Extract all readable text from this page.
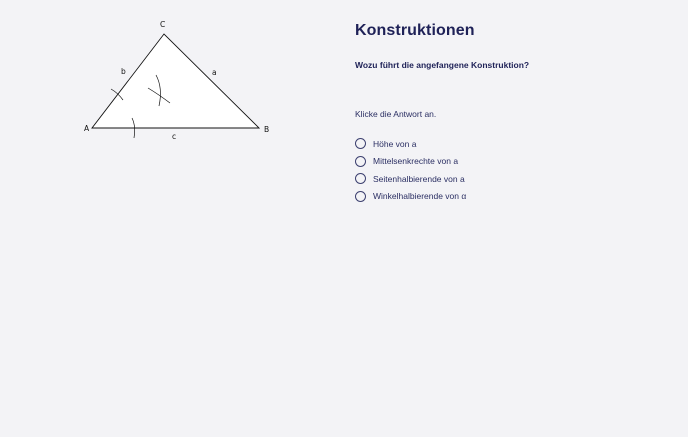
A	B
C
a
b
c
Konstruktionen
Wozu führt die angefangene Konstruktion?
Klicke die Antwort an.
Höhe von a
Mittelsenkrechte von a
Seitenhalbierende von a
Winkelhalbierende von α
